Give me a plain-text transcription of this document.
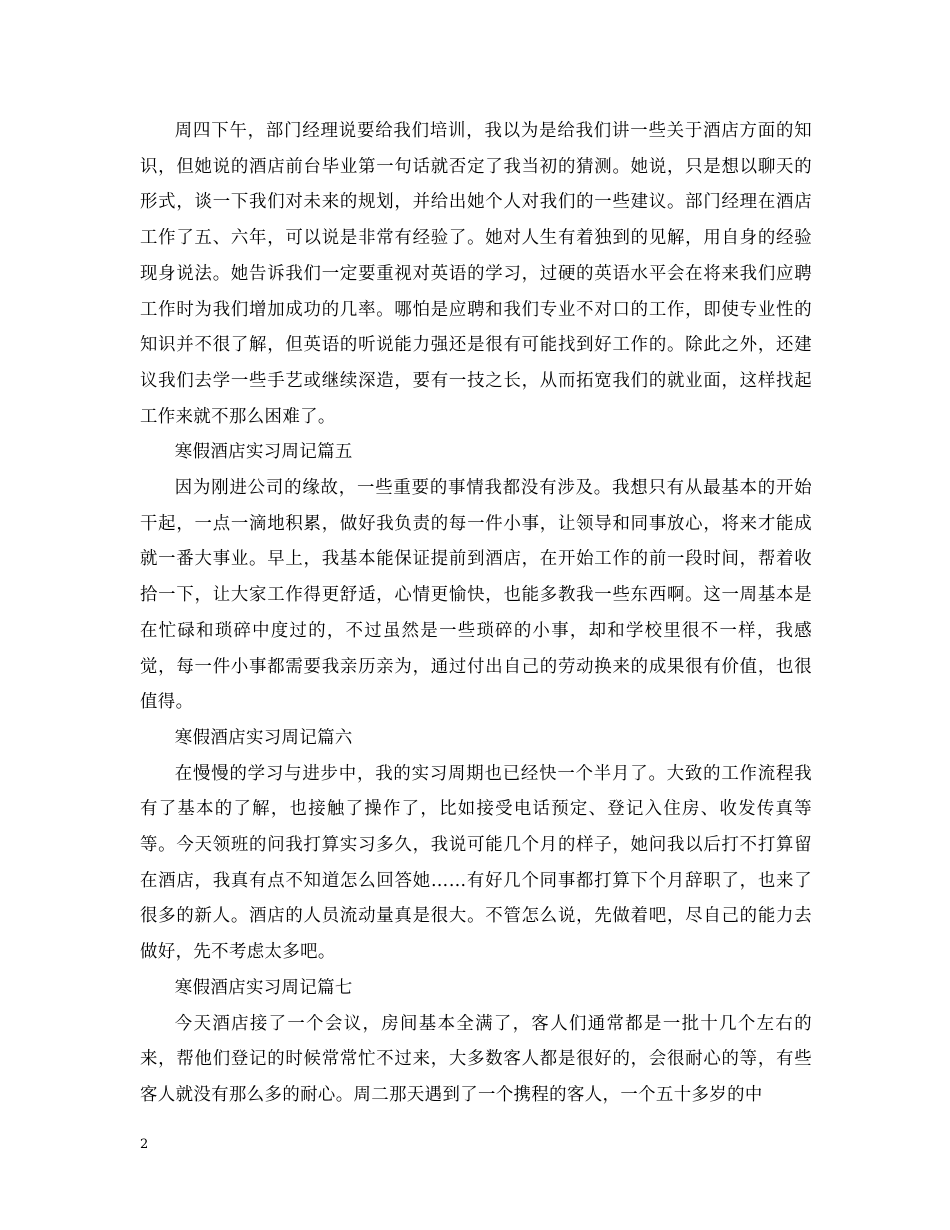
周四下午，部门经理说要给我们培训，我以为是给我们讲一些关于酒店方面的知识，但她说的酒店前台毕业第一句话就否定了我当初的猜测。她说，只是想以聊天的形式，谈一下我们对未来的规划，并给出她个人对我们的一些建议。部门经理在酒店工作了五、六年，可以说是非常有经验了。她对人生有着独到的见解，用自身的经验现身说法。她告诉我们一定要重视对英语的学习，过硬的英语水平会在将来我们应聘工作时为我们增加成功的几率。哪怕是应聘和我们专业不对口的工作，即使专业性的知识并不很了解，但英语的听说能力强还是很有可能找到好工作的。除此之外，还建议我们去学一些手艺或继续深造，要有一技之长，从而拓宽我们的就业面，这样找起工作来就不那么困难了。

寒假酒店实习周记篇五

因为刚进公司的缘故，一些重要的事情我都没有涉及。我想只有从最基本的开始干起，一点一滴地积累，做好我负责的每一件小事，让领导和同事放心，将来才能成就一番大事业。早上，我基本能保证提前到酒店，在开始工作的前一段时间，帮着收拾一下，让大家工作得更舒适，心情更愉快，也能多教我一些东西啊。这一周基本是在忙碌和琐碎中度过的，不过虽然是一些琐碎的小事，却和学校里很不一样，我感觉，每一件小事都需要我亲历亲为，通过付出自己的劳动换来的成果很有价值，也很值得。

寒假酒店实习周记篇六

在慢慢的学习与进步中，我的实习周期也已经快一个半月了。大致的工作流程我有了基本的了解，也接触了操作了，比如接受电话预定、登记入住房、收发传真等等。今天领班的问我打算实习多久，我说可能几个月的样子，她问我以后打不打算留在酒店，我真有点不知道怎么回答她……有好几个同事都打算下个月辞职了，也来了很多的新人。酒店的人员流动量真是很大。不管怎么说，先做着吧，尽自己的能力去做好，先不考虑太多吧。

寒假酒店实习周记篇七

今天酒店接了一个会议，房间基本全满了，客人们通常都是一批十几个左右的来，帮他们登记的时候常常忙不过来，大多数客人都是很好的，会很耐心的等，有些客人就没有那么多的耐心。周二那天遇到了一个携程的客人，一个五十多岁的中

2
